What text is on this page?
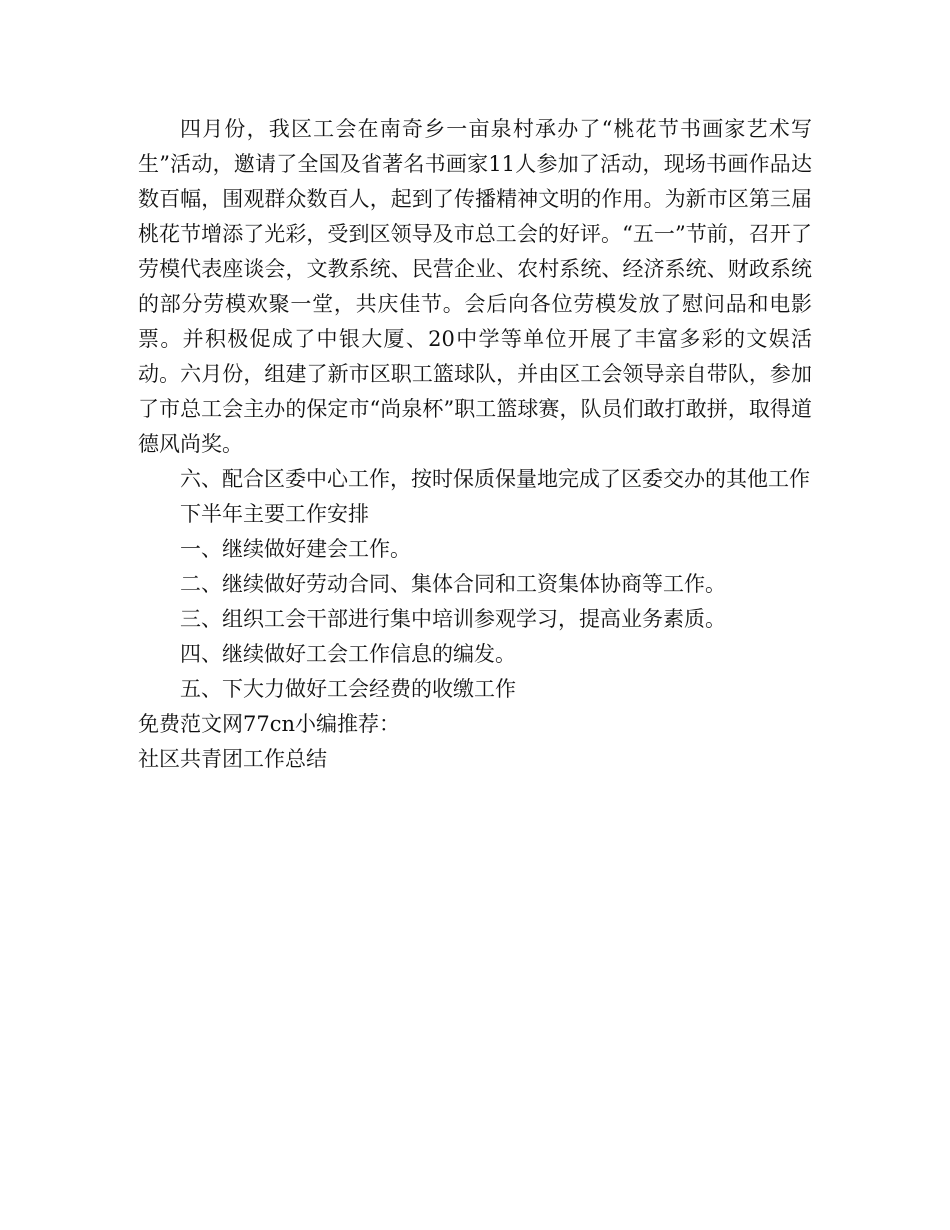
四月份，我区工会在南奇乡一亩泉村承办了“桃花节书画家艺术写生”活动，邀请了全国及省著名书画家11人参加了活动，现场书画作品达数百幅，围观群众数百人，起到了传播精神文明的作用。为新市区第三届桃花节增添了光彩，受到区领导及市总工会的好评。“五一”节前，召开了劳模代表座谈会，文教系统、民营企业、农村系统、经济系统、财政系统的部分劳模欢聚一堂，共庆佳节。会后向各位劳模发放了慰问品和电影票。并积极促成了中银大厦、20中学等单位开展了丰富多彩的文娱活动。六月份，组建了新市区职工篮球队，并由区工会领导亲自带队，参加了市总工会主办的保定市“尚泉杯”职工篮球赛，队员们敢打敢拼，取得道德风尚奖。

六、配合区委中心工作，按时保质保量地完成了区委交办的其他工作

下半年主要工作安排

一、继续做好建会工作。

二、继续做好劳动合同、集体合同和工资集体协商等工作。

三、组织工会干部进行集中培训参观学习，提高业务素质。

四、继续做好工会工作信息的编发。

五、下大力做好工会经费的收缴工作

免费范文网77cn小编推荐：

社区共青团工作总结
